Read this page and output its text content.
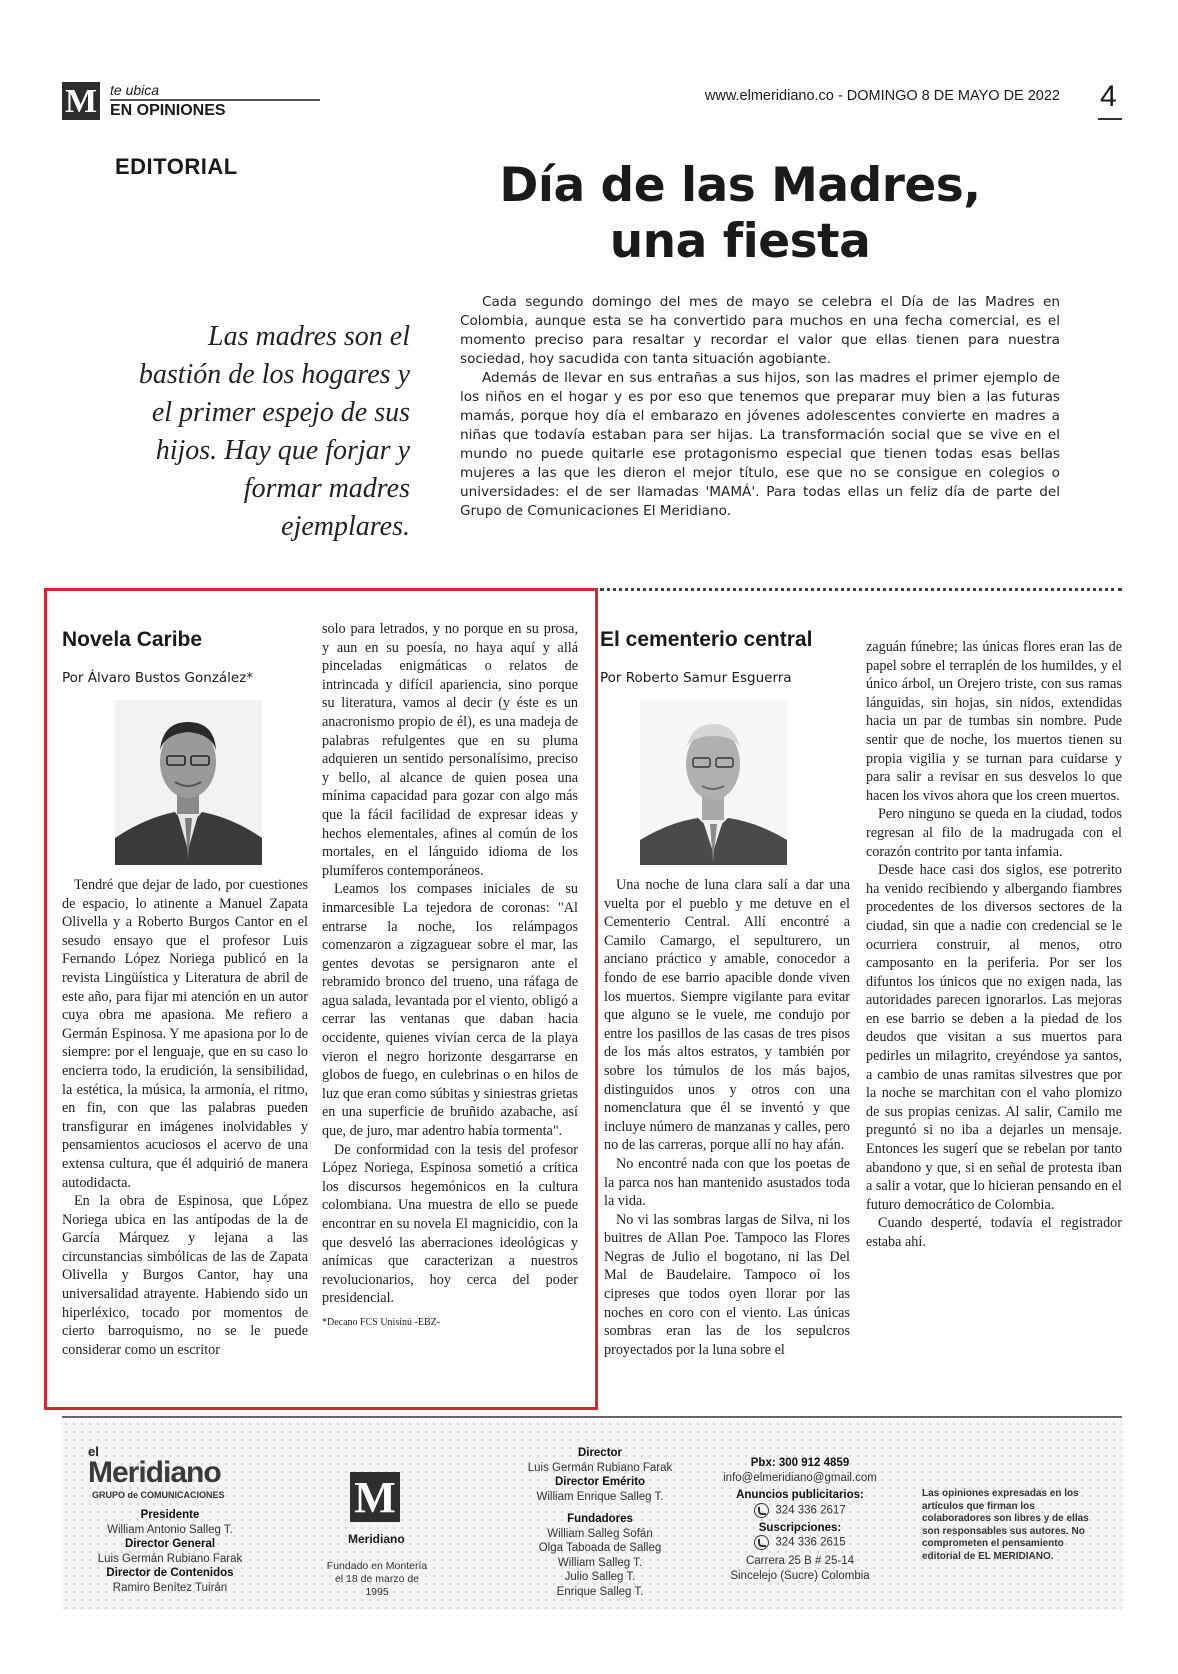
M te ubica
EN OPINIONES
www.elmeridiano.co - DOMINGO 8 DE MAYO DE 2022 4
EDITORIAL	Día de las Madres,
una fiesta
Las madres son el bastión de los hogares y el primer espejo de sus hijos. Hay que forjar y formar madres ejemplares.
Cada segundo domingo del mes de mayo se celebra el Día de las Madres en Colombia, aunque esta se ha convertido para muchos en una fecha comercial, es el momento preciso para resaltar y recordar el valor que ellas tienen para nuestra sociedad, hoy sacudida con tanta situación agobiante.
Además de llevar en sus entrañas a sus hijos, son las madres el primer ejemplo de los niños en el hogar y es por eso que tenemos que preparar muy bien a las futuras mamás, porque hoy día el embarazo en jóvenes adolescentes convierte en madres a niñas que todavía estaban para ser hijas. La transformación social que se vive en el mundo no puede quitarle ese protagonismo especial que tienen todas esas bellas mujeres a las que les dieron el mejor título, ese que no se consigue en colegios o universidades: el de ser llamadas 'MAMÁ'. Para todas ellas un feliz día de parte del Grupo de Comunicaciones El Meridiano.
Novela Caribe
Por Álvaro Bustos González*

Tendré que dejar de lado, por cuestiones de espacio, lo atinente a Manuel Zapata Olivella y a Roberto Burgos Cantor en el sesudo ensayo que el profesor Luis Fernando López Noriega publicó en la revista Lingüística y Literatura de abril de este año, para fijar mi atención en un autor cuya obra me apasiona. Me refiero a Germán Espinosa. Y me apasiona por lo de siempre: por el lenguaje, que en su caso lo encierra todo, la erudición, la sensibilidad, la estética, la música, la armonía, el ritmo, en fin, con que las palabras pueden transfigurar en imágenes inolvidables y pensamientos acuciosos el acervo de una extensa cultura, que él adquirió de manera autodidacta.

En la obra de Espinosa, que López Noriega ubica en las antípodas de la de García Márquez y lejana a las circunstancias simbólicas de las de Zapata Olivella y Burgos Cantor, hay una universalidad atrayente. Habiendo sido un hiperléxico, tocado por momentos de cierto barroquismo, no se le puede considerar como un escritor

solo para letrados, y no porque en su prosa, y aun en su poesía, no haya aquí y allá pinceladas enigmáticas o relatos de intrincada y difícil apariencia, sino porque su literatura, vamos al decir (y éste es un anacronismo propio de él), es una madeja de palabras refulgentes que en su pluma adquieren un sentido personalísimo, preciso y bello, al alcance de quien posea una mínima capacidad para gozar con algo más que la fácil facilidad de expresar ideas y hechos elementales, afines al común de los mortales, en el lánguido idioma de los plumíferos contemporáneos.

Leamos los compases iniciales de su inmarcesible La tejedora de coronas: "Al entrarse la noche, los relámpagos comenzaron a zigzaguear sobre el mar, las gentes devotas se persignaron ante el rebramido bronco del trueno, una ráfaga de agua salada, levantada por el viento, obligó a cerrar las ventanas que daban hacia occidente, quienes vivían cerca de la playa vieron el negro horizonte desgarrarse en globos de fuego, en culebrinas o en hilos de luz que eran como súbitas y siniestras grietas en una superficie de bruñido azabache, así que, de juro, mar adentro había tormenta".

De conformidad con la tesis del profesor López Noriega, Espinosa sometió a crítica los discursos hegemónicos en la cultura colombiana. Una muestra de ello se puede encontrar en su novela El magnicidio, con la que desveló las aberraciones ideológicas y anímicas que caracterizan a nuestros revolucionarios, hoy cerca del poder presidencial.

*Decano FCS Unisinú -EBZ-

El cementerio central
Por Roberto Samur Esguerra

Una noche de luna clara salí a dar una vuelta por el pueblo y me detuve en el Cementerio Central. Allí encontré a Camilo Camargo, el sepulturero, un anciano práctico y amable, conocedor a fondo de ese barrio apacible donde viven los muertos. Siempre vigilante para evitar que alguno se le vuele, me condujo por entre los pasillos de las casas de tres pisos de los más altos estratos, y también por sobre los túmulos de los más bajos, distinguidos unos y otros con una nomenclatura que él se inventó y que incluye número de manzanas y calles, pero no de las carreras, porque allí no hay afán.

No encontré nada con que los poetas de la parca nos han mantenido asustados toda la vida.

No vi las sombras largas de Silva, ni los buitres de Allan Poe. Tampoco las Flores Negras de Julio el bogotano, ni las Del Mal de Baudelaire. Tampoco oí los cipreses que todos oyen llorar por las noches en coro con el viento. Las únicas sombras eran las de los sepulcros proyectados por la luna sobre el

zaguán fúnebre; las únicas flores eran las de papel sobre el terraplén de los humildes, y el único árbol, un Orejero triste, con sus ramas lánguidas, sin hojas, sin nidos, extendidas hacia un par de tumbas sin nombre. Pude sentir que de noche, los muertos tienen su propia vigilia y se turnan para cuidarse y para salir a revisar en sus desvelos lo que hacen los vivos ahora que los creen muertos.

Pero ninguno se queda en la ciudad, todos regresan al filo de la madrugada con el corazón contrito por tanta infamia.

Desde hace casi dos siglos, ese potrerito ha venido recibiendo y albergando fiambres procedentes de los diversos sectores de la ciudad, sin que a nadie con credencial se le ocurriera construir, al menos, otro camposanto en la periferia. Por ser los difuntos los únicos que no exigen nada, las autoridades parecen ignorarlos. Las mejoras en ese barrio se deben a la piedad de los deudos que visitan a sus muertos para pedirles un milagrito, creyéndose ya santos, a cambio de unas ramitas silvestres que por la noche se marchitan con el vaho plomizo de sus propias cenizas. Al salir, Camilo me preguntó si no iba a dejarles un mensaje. Entonces les sugerí que se rebelan por tanto abandono y que, si en señal de protesta iban a salir a votar, que lo hicieran pensando en el futuro democrático de Colombia.

Cuando desperté, todavía el registrador estaba ahí.

el
Meridiano
GRUPO de COMUNICACIONES
Presidente
William Antonio Salleg T.
Director General
Luis Germán Rubiano Farak
Director de Contenidos
Ramiro Benítez Tuirán
M
Meridiano
Fundado en Montería el 18 de marzo de 1995
Director
Luis Germán Rubiano Farak
Director Emérito
William Enrique Salleg T.
Fundadores
William Salleg Sofán
Olga Taboada de Salleg
William Salleg T.
Julio Salleg T.
Enrique Salleg T.
Pbx: 300 912 4859
info@elmeridiano@gmail.com
Anuncios publicitarios:
324 336 2617
Suscripciones:
324 336 2615
Carrera 25 B # 25-14
Sincelejo (Sucre) Colombia
Las opiniones expresadas en los artículos que firman los colaboradores son libres y de ellas son responsables sus autores. No comprometen el pensamiento editorial de EL MERIDIANO.
